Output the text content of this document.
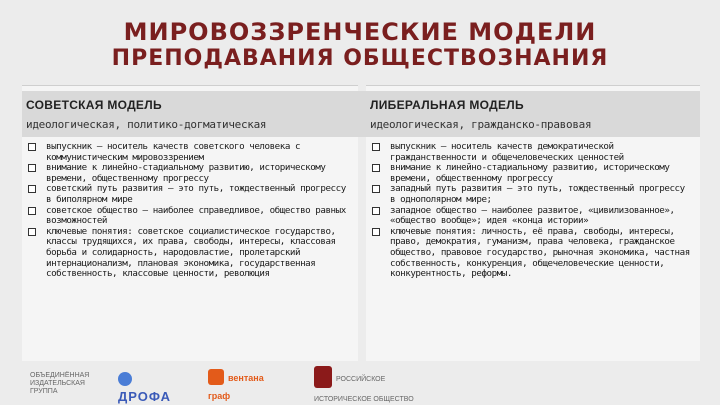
МИРОВОЗЗРЕНЧЕСКИЕ МОДЕЛИ
ПРЕПОДАВАНИЯ ОБЩЕСТВОЗНАНИЯ
СОВЕТСКАЯ МОДЕЛЬ
идеологическая, политико-догматическая
ЛИБЕРАЛЬНАЯ МОДЕЛЬ
идеологическая, гражданско-правовая
выпускник – носитель качеств советского человека с коммунистическим мировоззрением
внимание к линейно-стадиальному развитию, историческому времени, общественному прогрессу
советский путь развития – это путь, тождественный прогрессу в биполярном мире
советское общество – наиболее справедливое, общество равных возможностей
ключевые понятия: советское социалистическое государство, классы трудящихся, их права, свободы, интересы, классовая борьба и солидарность, народовластие, пролетарский интернационализм, плановая экономика, государственная собственность, классовые ценности, революция
выпускник – носитель качеств демократической гражданственности и общечеловеческих ценностей
внимание к линейно-стадиальному развитию, историческому времени, общественному прогрессу
западный путь развития – это путь, тождественный прогрессу в однополярном мире;
западное общество – наиболее развитое, «цивилизованное», «общество вообще»; идея «конца истории»
ключевые понятия: личность, её права, свободы, интересы, право, демократия, гуманизм, права человека, гражданское общество, правовое государство, рыночная экономика, частная собственность, конкуренция, общечеловеческие ценности, конкурентность, реформы.
ОБЪЕДИНЁННАЯ ИЗДАТЕЛЬСКАЯ ГРУППА	ДРОФА
вентана граф
РОССИЙСКОЕ ИСТОРИЧЕСКОЕ ОБЩЕСТВО
